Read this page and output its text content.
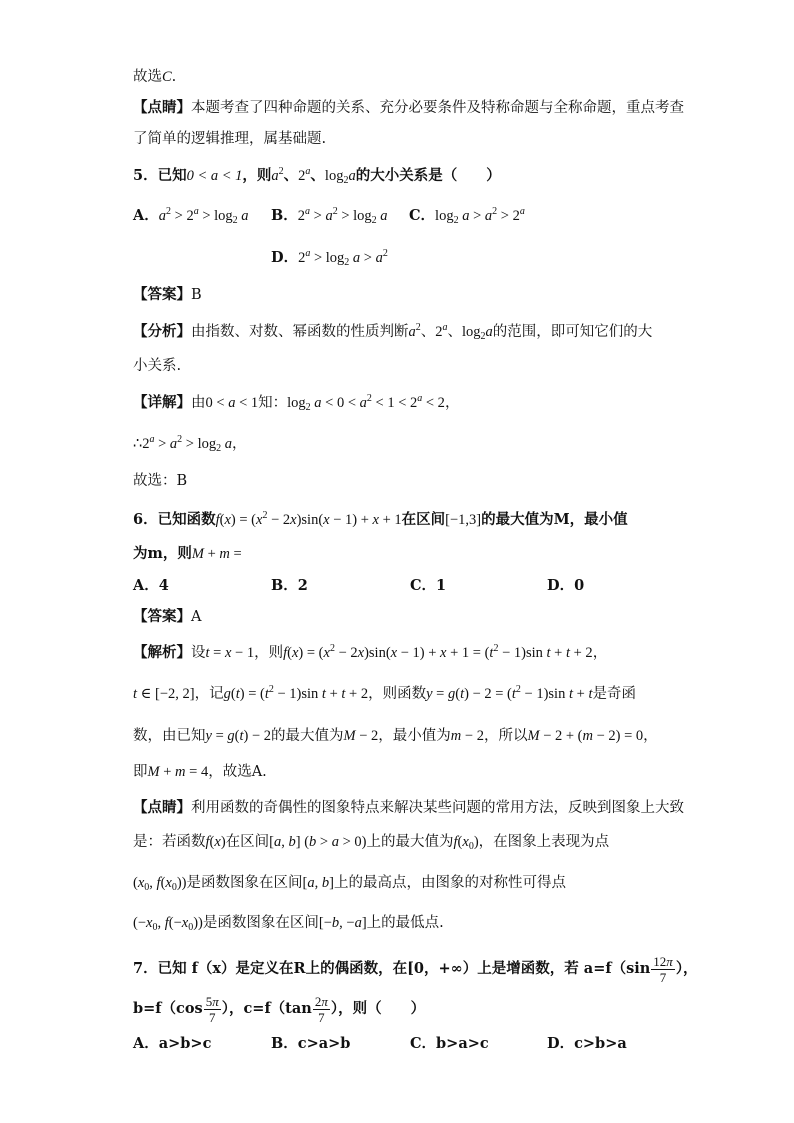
故选C.
【点睛】本题考查了四种命题的关系、充分必要条件及特称命题与全称命题，重点考查
了简单的逻辑推理，属基础题.
5．已知0 < a < 1，则$a^2$、2$^a$、$\log_2a$的大小关系是（　　）
A．$a^2 > 2^a > \log_2 a$ B．$2^a > a^2 > \log_2 a$ C．$\log_2 a > a^2 > 2^a$
D．$2^a > \log_2 a > a^2$
【答案】B
【分析】由指数、对数、幂函数的性质判断$a^2$、2$^a$、$\log_2a$的范围，即可知它们的大
小关系.
【详解】由0 < a < 1知：$\log_2 a < 0 < a^2 < 1 < 2^a < 2$，
$\therefore 2^a > a^2 > \log_2 a$，
故选：B
6．已知函数$f(x) = (x^2 - 2x)\sin(x - 1) + x + 1$在区间[−1,3]的最大值为M，最小值
为m，则M + m =
A．4	B．2	C．1	D．0
【答案】A
【解析】设t = x − 1，则$f(x) = (x^2 - 2x)\sin(x - 1) + x + 1 = (t^2 - 1)\sin$ t + t + 2，
t ∈ [−2, 2]，记$g(t) = (t^2 - 1)\sin$ t + t + 2，则函数$y = g(t) - 2 = (t^2 - 1)\sin$ t + t是奇函
数，由已知y = g(t) − 2的最大值为M − 2，最小值为m − 2，所以M − 2 + (m − 2) = 0，
即M + m = 4，故选A.
【点睛】利用函数的奇偶性的图象特点来解决某些问题的常用方法，反映到图象上大致
是：若函数f(x)在区间[a, b] (b > a > 0)上的最大值为$f(x_0)$，在图象上表现为点
($x_0$, $f(x_0)$)是函数图象在区间[a, b]上的最高点，由图象的对称性可得点
($-x_0$, $f(-x_0)$)是函数图象在区间[−b, −a]上的最低点.
7．已知 f（x）是定义在R上的偶函数，在[0，+∞）上是增函数，若 $a=f(\sin \frac{12\pi}{7}$ ），
$b=f(\cos \frac{5\pi}{7}$ ），$c=f(\tan \frac{2\pi}{7}$ ），则（　　）
A．a>b>c	B．c>a>b	C．b>a>c	D．c>b>a
